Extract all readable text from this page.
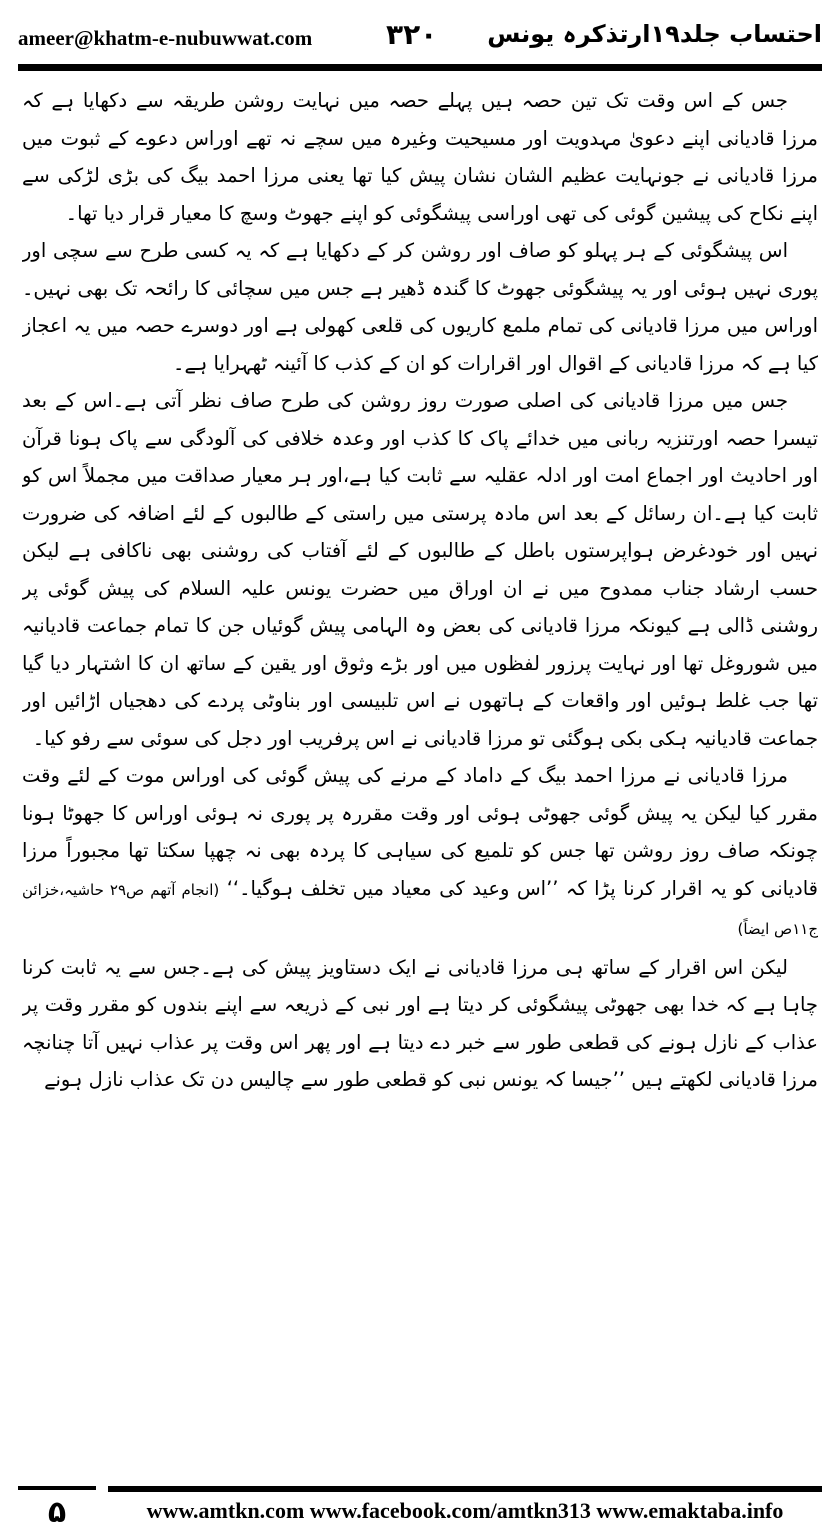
ameer@khatm-e-nubuwwat.com	۳۲۰ احتساب جلد۱۹ارتذکرہ یونس

جس کے اس وقت تک تین حصہ ہیں پہلے حصہ میں نہایت روشن طریقہ سے دکھایا ہے کہ مرزا قادیانی اپنے دعویٰ مہدویت اور مسیحیت وغیرہ میں سچے نہ تھے اوراس دعوے کے ثبوت میں مرزا قادیانی نے جونہایت عظیم الشان نشان پیش کیا تھا یعنی مرزا احمد بیگ کی بڑی لڑکی سے اپنے نکاح کی پیشین گوئی کی تھی اوراسی پیشگوئی کو اپنے جھوٹ وسچ کا معیار قرار دیا تھا۔

اس پیشگوئی کے ہر پہلو کو صاف اور روشن کر کے دکھایا ہے کہ یہ کسی طرح سے سچی اور پوری نہیں ہوئی اور یہ پیشگوئی جھوٹ کا گندہ ڈھیر ہے جس میں سچائی کا رائحہ تک بھی نہیں۔اوراس میں مرزا قادیانی کی تمام ملمع کاریوں کی قلعی کھولی ہے اور دوسرے حصہ میں یہ اعجاز کیا ہے کہ مرزا قادیانی کے اقوال اور اقرارات کو ان کے کذب کا آئینہ ٹھہرایا ہے۔

جس میں مرزا قادیانی کی اصلی صورت روز روشن کی طرح صاف نظر آتی ہے۔اس کے بعد تیسرا حصہ اورتنزیہ ربانی میں خدائے پاک کا کذب اور وعدہ خلافی کی آلودگی سے پاک ہونا قرآن اور احادیث اور اجماع امت اور ادلہ عقلیہ سے ثابت کیا ہے،اور ہر معیار صداقت میں مجملاً اس کو ثابت کیا ہے۔ان رسائل کے بعد اس مادہ پرستی میں راستی کے طالبوں کے لئے اضافہ کی ضرورت نہیں اور خودغرض ہواپرستوں باطل کے طالبوں کے لئے آفتاب کی روشنی بھی ناکافی ہے لیکن حسب ارشاد جناب ممدوح میں نے ان اوراق میں حضرت یونس علیہ السلام کی پیش گوئی پر روشنی ڈالی ہے کیونکہ مرزا قادیانی کی بعض وہ الہامی پیش گوئیاں جن کا تمام جماعت قادیانیہ میں شوروغل تھا اور نہایت پرزور لفظوں میں اور بڑے وثوق اور یقین کے ساتھ ان کا اشتہار دیا گیا تھا جب غلط ہوئیں اور واقعات کے ہاتھوں نے اس تلبیسی اور بناوٹی پردے کی دھجیاں اڑائیں اور جماعت قادیانیہ ہکی بکی ہوگئی تو مرزا قادیانی نے اس پرفریب اور دجل کی سوئی سے رفو کیا۔

مرزا قادیانی نے مرزا احمد بیگ کے داماد کے مرنے کی پیش گوئی کی اوراس موت کے لئے وقت مقرر کیا لیکن یہ پیش گوئی جھوٹی ہوئی اور وقت مقررہ پر پوری نہ ہوئی اوراس کا جھوٹا ہونا چونکہ صاف روز روشن تھا جس کو تلمیع کی سیاہی کا پردہ بھی نہ چھپا سکتا تھا مجبوراً مرزا قادیانی کو یہ اقرار کرنا پڑا کہ ’’اس وعید کی معیاد میں تخلف ہوگیا۔‘‘ (انجام آتھم ص۲۹ حاشیہ،خزائن ج۱۱ص ایضاً)

لیکن اس اقرار کے ساتھ ہی مرزا قادیانی نے ایک دستاویز پیش کی ہے۔جس سے یہ ثابت کرنا چاہا ہے کہ خدا بھی جھوٹی پیشگوئی کر دیتا ہے اور نبی کے ذریعہ سے اپنے بندوں کو مقرر وقت پر عذاب کے نازل ہونے کی قطعی طور سے خبر دے دیتا ہے اور پھر اس وقت پر عذاب نہیں آتا چنانچہ مرزا قادیانی لکھتے ہیں ’’جیسا کہ یونس نبی کو قطعی طور سے چالیس دن تک عذاب نازل ہونے

۵	www.amtkn.com www.facebook.com/amtkn313 www.emaktaba.info
